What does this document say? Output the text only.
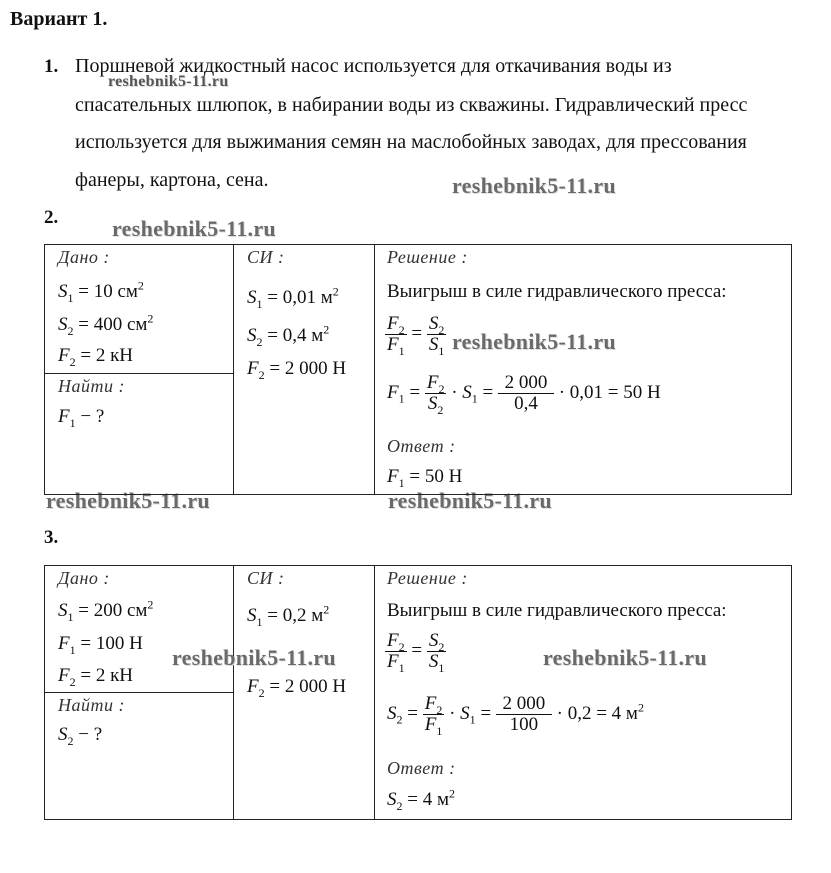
Вариант 1.
1. Поршневой жидкостный насос используется для откачивания воды из
спасательных шлюпок, в набирании воды из скважины. Гидравлический пресс
используется для выжимания семян на маслобойных заводах, для прессования
фанеры, картона, сена.
reshebnik5-11.ru
reshebnik5-11.ru
reshebnik5-11.ru
reshebnik5-11.ru	reshebnik5-11.ru
2.
Дано :
$S_1 = 10$ $см^2$
$S_2 = 400$ $см^2$
$F_2 = 2$ кН
Найти :
$F_1$ − ?
СИ :
$S_1 = 0,01$ $м^2$
$S_2 = 0,4$ $м^2$
$F_2 = 2$ 000 Н
Решение :
Выигрыш в силе гидравлического пресса:
$\frac{F_2}{F_1} = \frac{S_2}{S_1}$
$F_1 = \frac{F_2}{S_2} \cdot S_1 = \frac{2 000}{0,4} \cdot 0,01 = 50$ Н
Ответ :
$F_1 = 50$ Н
reshebnik5-11.ru
3.
Дано :
$S_1 = 200$ $см^2$
$F_1 = 100$ Н
$F_2 = 2$ кН
Найти :
$S_2$ − ?
СИ :
$S_1 = 0,2$ $м^2$
$F_2 = 2$ 000 Н
Решение :
Выигрыш в силе гидравлического пресса:
$\frac{F_2}{F_1} = \frac{S_2}{S_1}$
$S_2 = \frac{F_2}{F_1} \cdot S_1 = \frac{2 000}{100} \cdot 0,2 = 4$ $м^2$
Ответ :
$S_2 = 4$ $м^2$
reshebnik5-11.ru	reshebnik5-11.ru
